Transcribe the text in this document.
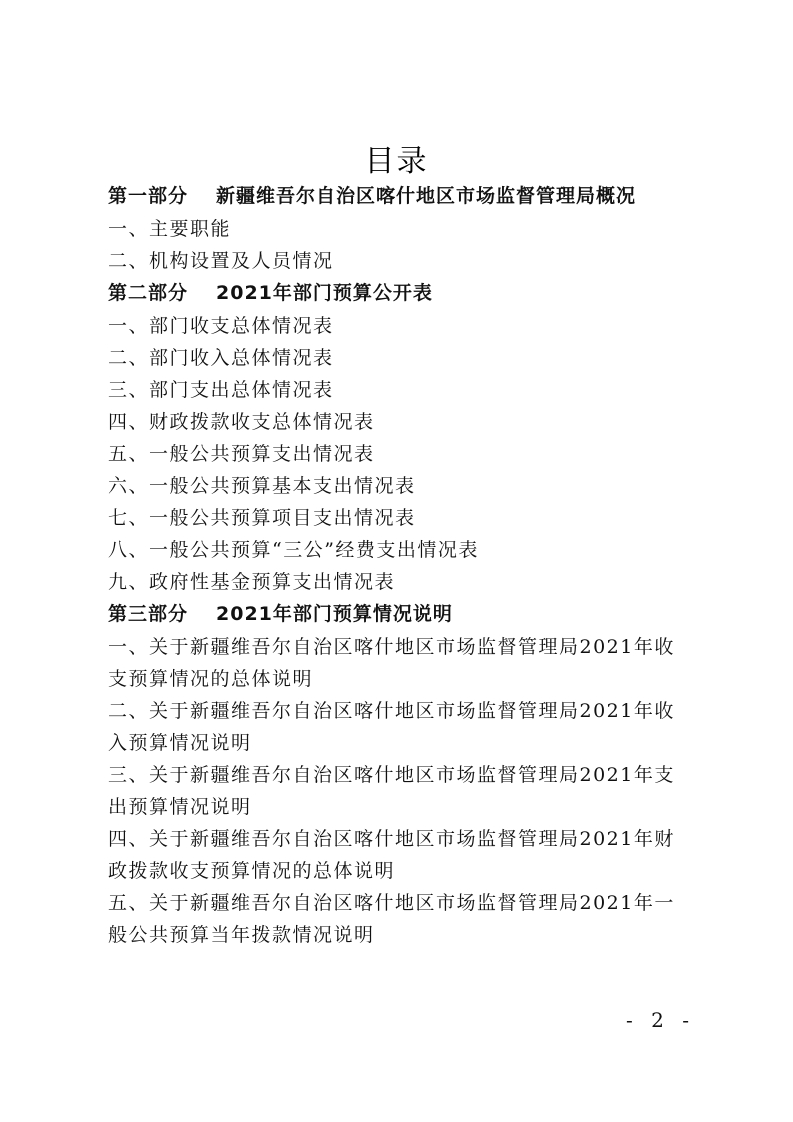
目录
第一部分 新疆维吾尔自治区喀什地区市场监督管理局概况
一、主要职能
二、机构设置及人员情况
第二部分 2021年部门预算公开表
一、部门收支总体情况表
二、部门收入总体情况表
三、部门支出总体情况表
四、财政拨款收支总体情况表
五、一般公共预算支出情况表
六、一般公共预算基本支出情况表
七、一般公共预算项目支出情况表
八、一般公共预算“三公”经费支出情况表
九、政府性基金预算支出情况表
第三部分 2021年部门预算情况说明
一、关于新疆维吾尔自治区喀什地区市场监督管理局2021年收
支预算情况的总体说明
二、关于新疆维吾尔自治区喀什地区市场监督管理局2021年收
入预算情况说明
三、关于新疆维吾尔自治区喀什地区市场监督管理局2021年支
出预算情况说明
四、关于新疆维吾尔自治区喀什地区市场监督管理局2021年财
政拨款收支预算情况的总体说明
五、关于新疆维吾尔自治区喀什地区市场监督管理局2021年一
般公共预算当年拨款情况说明
- 2 -
